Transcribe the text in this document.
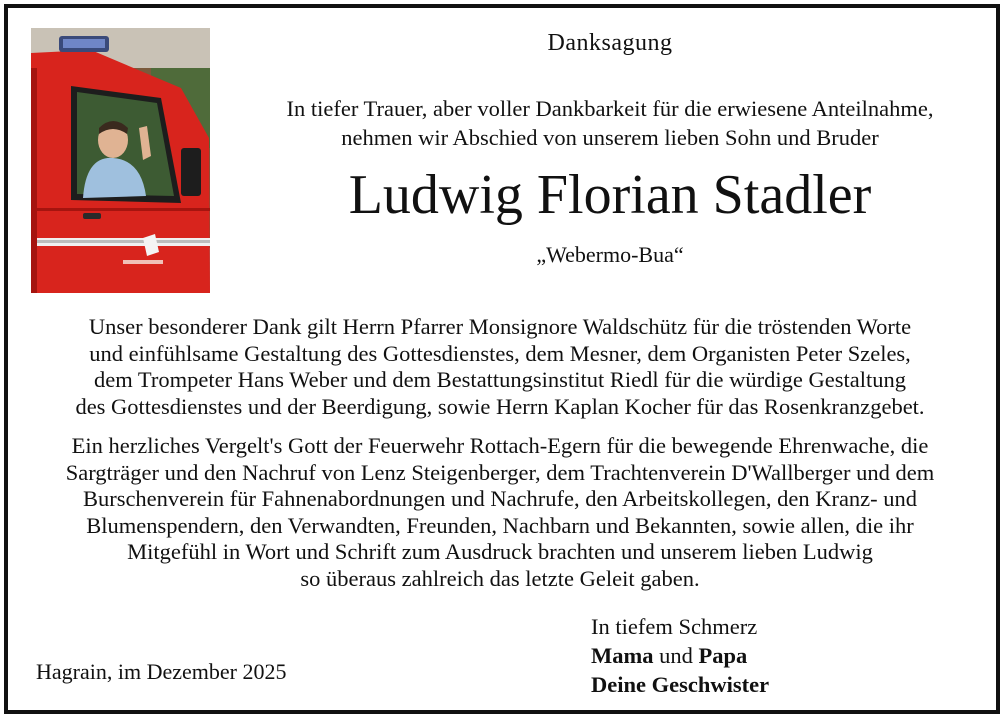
Danksagung
In tiefer Trauer, aber voller Dankbarkeit für die erwiesene Anteilnahme,
nehmen wir Abschied von unserem lieben Sohn und Bruder
Ludwig Florian Stadler
„Webermo-Bua“
Unser besonderer Dank gilt Herrn Pfarrer Monsignore Waldschütz für die tröstenden Worte
und einfühlsame Gestaltung des Gottesdienstes, dem Mesner, dem Organisten Peter Szeles,
dem Trompeter Hans Weber und dem Bestattungsinstitut Riedl für die würdige Gestaltung
des Gottesdienstes und der Beerdigung, sowie Herrn Kaplan Kocher für das Rosenkranzgebet.
Ein herzliches Vergelt's Gott der Feuerwehr Rottach-Egern für die bewegende Ehrenwache, die
Sargträger und den Nachruf von Lenz Steigenberger, dem Trachtenverein D'Wallberger und dem
Burschenverein für Fahnenabordnungen und Nachrufe, den Arbeitskollegen, den Kranz- und
Blumenspendern, den Verwandten, Freunden, Nachbarn und Bekannten, sowie allen, die ihr
Mitgefühl in Wort und Schrift zum Ausdruck brachten und unserem lieben Ludwig
so überaus zahlreich das letzte Geleit gaben.
Hagrain, im Dezember 2025
In tiefem Schmerz
Mama und Papa
Deine Geschwister
